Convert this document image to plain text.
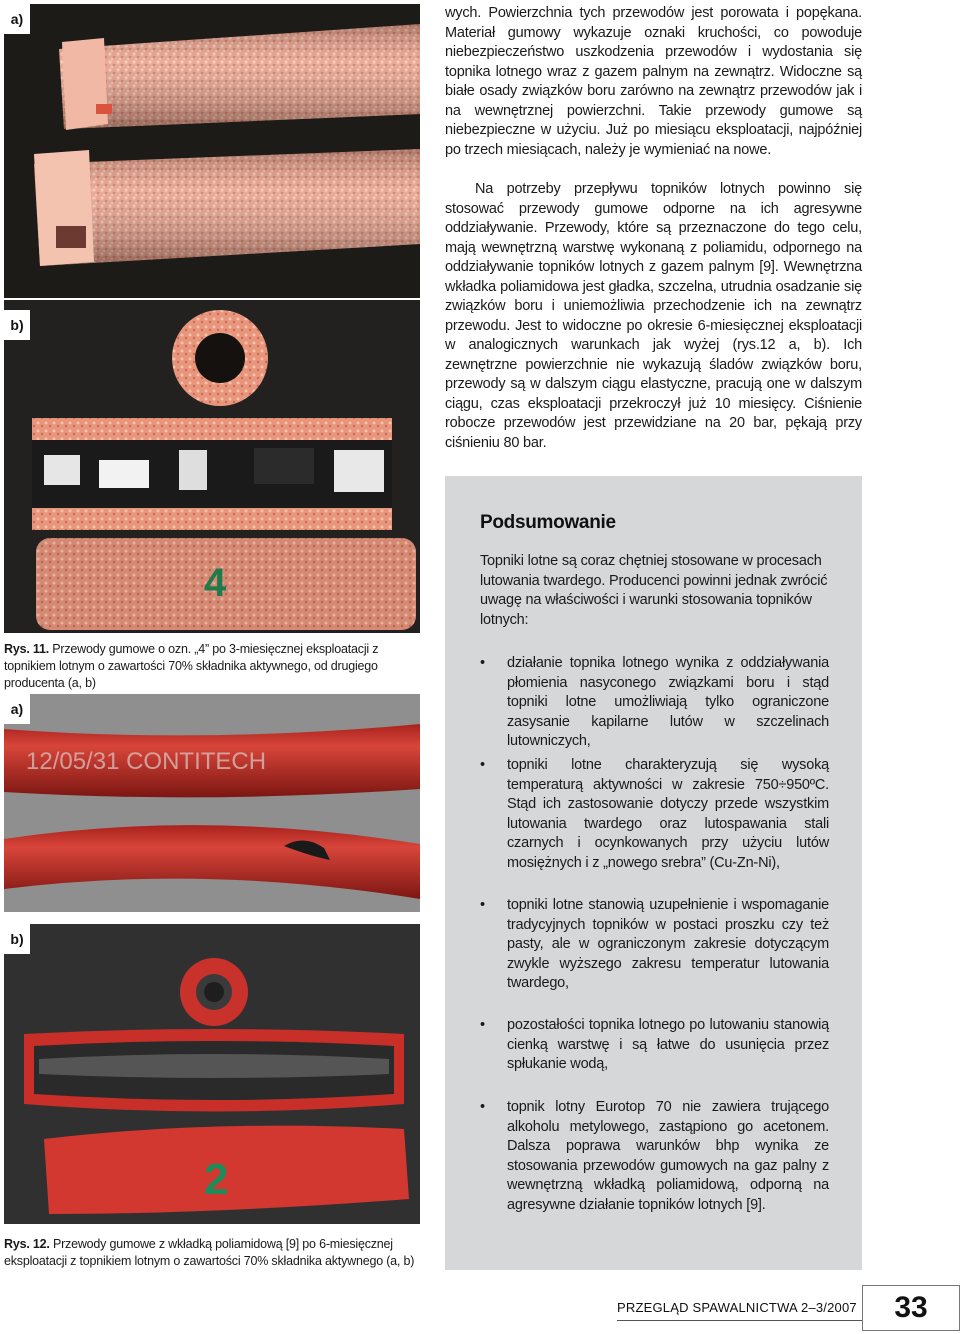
a)
b)
4
Rys. 11. Przewody gumowe o ozn. „4” po 3-miesięcznej eksploatacji z topnikiem lotnym o zawartości 70% składnika aktywnego, od drugiego producenta (a, b)
a)
12/05/31 CONTITECH
b)
2
Rys. 12. Przewody gumowe z wkładką poliamidową [9] po 6-miesięcznej eksploatacji z topnikiem lotnym o zawartości 70% składnika aktywnego (a, b)

wych. Powierzchnia tych przewodów jest porowata i popękana. Materiał gumowy wykazuje oznaki kruchości, co powoduje niebezpieczeństwo uszkodzenia przewodów i wydostania się topnika lotnego wraz z gazem palnym na zewnątrz. Widoczne są białe osady związków boru zarówno na zewnątrz przewodów jak i na wewnętrznej powierzchni. Takie przewody gumowe są niebezpieczne w użyciu. Już po miesiącu eksploatacji, najpóźniej po trzech miesiącach, należy je wymieniać na nowe.

Na potrzeby przepływu topników lotnych powinno się stosować przewody gumowe odporne na ich agresywne oddziaływanie. Przewody, które są przeznaczone do tego celu, mają wewnętrzną warstwę wykonaną z poliamidu, odpornego na oddziaływanie topników lotnych z gazem palnym [9]. Wewnętrzna wkładka poliamidowa jest gładka, szczelna, utrudnia osadzanie się związków boru i uniemożliwia przechodzenie ich na zewnątrz przewodu. Jest to widoczne po okresie 6-miesięcznej eksploatacji w analogicznych warunkach jak wyżej (rys.12 a, b). Ich zewnętrzne powierzchnie nie wykazują śladów związków boru, przewody są w dalszym ciągu elastyczne, pracują one w dalszym ciągu, czas eksploatacji przekroczył już 10 miesięcy. Ciśnienie robocze przewodów jest przewidziane na 20 bar, pękają przy ciśnieniu 80 bar.

Podsumowanie
Topniki lotne są coraz chętniej stosowane w procesach lutowania twardego. Producenci powinni jednak zwrócić uwagę na właściwości i warunki stosowania topników lotnych:
• działanie topnika lotnego wynika z oddziaływania płomienia nasyconego związkami boru i stąd topniki lotne umożliwiają tylko ograniczone zasysanie kapilarne lutów w szczelinach lutowniczych,
• topniki lotne charakteryzują się wysoką temperaturą aktywności w zakresie 750÷950ºC. Stąd ich zastosowanie dotyczy przede wszystkim lutowania twardego oraz lutospawania stali czarnych i ocynkowanych przy użyciu lutów mosiężnych i z „nowego srebra” (Cu-Zn-Ni),
• topniki lotne stanowią uzupełnienie i wspomaganie tradycyjnych topników w postaci proszku czy też pasty, ale w ograniczonym zakresie dotyczącym zwykle wyższego zakresu temperatur lutowania twardego,
• pozostałości topnika lotnego po lutowaniu stanowią cienką warstwę i są łatwe do usunięcia przez spłukanie wodą,
• topnik lotny Eurotop 70 nie zawiera trującego alkoholu metylowego, zastąpiono go acetonem. Dalsza poprawa warunków bhp wynika ze stosowania przewodów gumowych na gaz palny z wewnętrzną wkładką poliamidową, odporną na agresywne działanie topników lotnych [9].
PRZEGLĄD SPAWALNICTWA 2–3/2007	33
